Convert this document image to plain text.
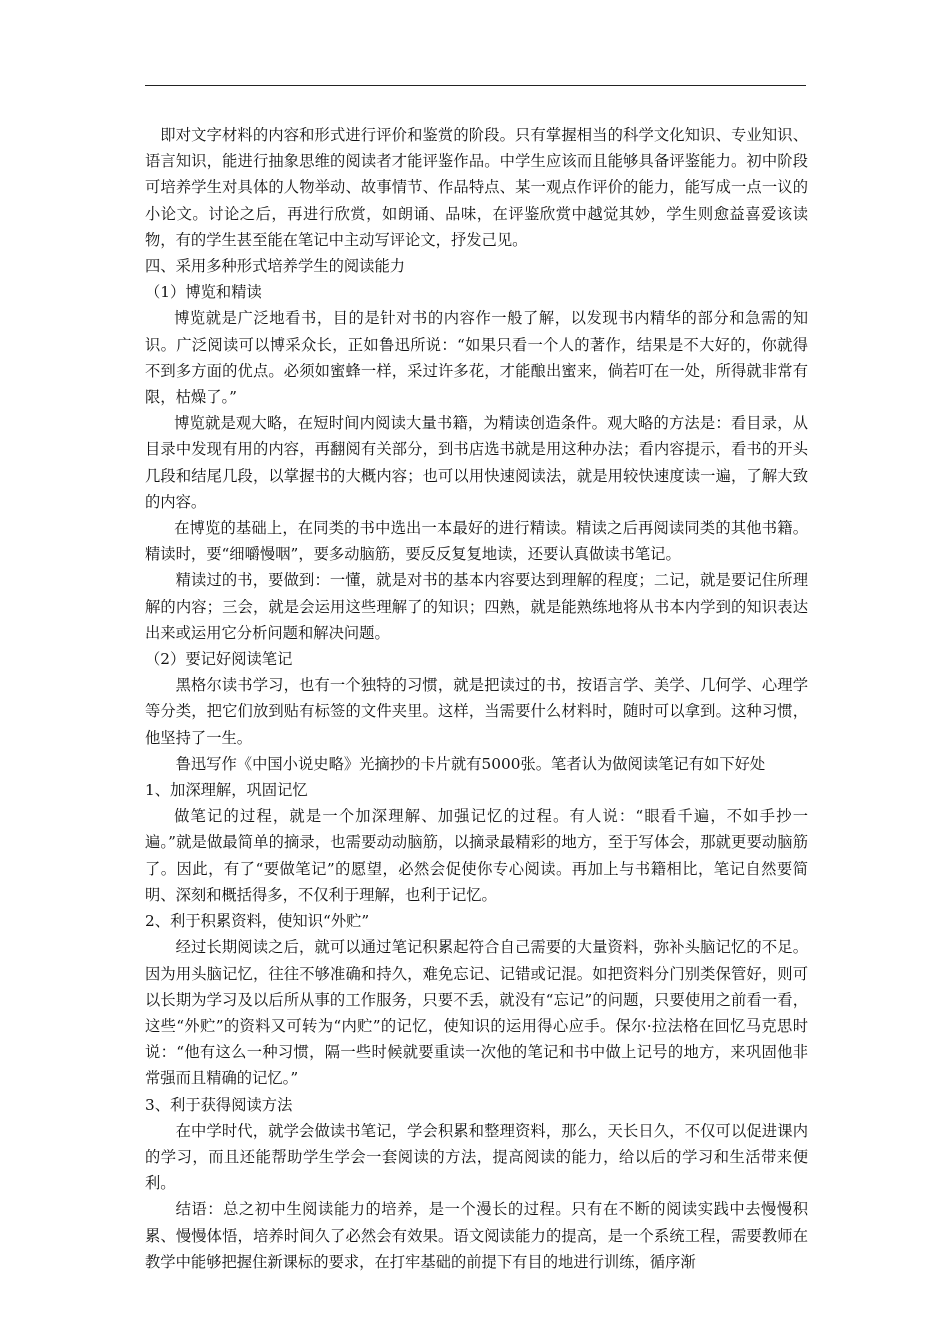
即对文字材料的内容和形式进行评价和鉴赏的阶段。只有掌握相当的科学文化知识、专业知识、语言知识，能进行抽象思维的阅读者才能评鉴作品。中学生应该而且能够具备评鉴能力。初中阶段可培养学生对具体的人物举动、故事情节、作品特点、某一观点作评价的能力，能写成一点一议的小论文。讨论之后，再进行欣赏，如朗诵、品味，在评鉴欣赏中越觉其妙，学生则愈益喜爱该读物，有的学生甚至能在笔记中主动写评论文，抒发己见。

四、采用多种形式培养学生的阅读能力

（1）博览和精读

博览就是广泛地看书，目的是针对书的内容作一般了解，以发现书内精华的部分和急需的知识。广泛阅读可以博采众长，正如鲁迅所说：“如果只看一个人的著作，结果是不大好的，你就得不到多方面的优点。必须如蜜蜂一样，采过许多花，才能酿出蜜来，倘若叮在一处，所得就非常有限，枯燥了。”

博览就是观大略，在短时间内阅读大量书籍，为精读创造条件。观大略的方法是：看目录，从目录中发现有用的内容，再翻阅有关部分，到书店选书就是用这种办法；看内容提示，看书的开头几段和结尾几段，以掌握书的大概内容；也可以用快速阅读法，就是用较快速度读一遍，了解大致的内容。

在博览的基础上，在同类的书中选出一本最好的进行精读。精读之后再阅读同类的其他书籍。精读时，要“细嚼慢咽”，要多动脑筋，要反反复复地读，还要认真做读书笔记。

精读过的书，要做到：一懂，就是对书的基本内容要达到理解的程度；二记，就是要记住所理解的内容；三会，就是会运用这些理解了的知识；四熟，就是能熟练地将从书本内学到的知识表达出来或运用它分析问题和解决问题。

（2）要记好阅读笔记

黑格尔读书学习，也有一个独特的习惯，就是把读过的书，按语言学、美学、几何学、心理学等分类，把它们放到贴有标签的文件夹里。这样，当需要什么材料时，随时可以拿到。这种习惯，他坚持了一生。

鲁迅写作《中国小说史略》光摘抄的卡片就有5000张。笔者认为做阅读笔记有如下好处

1、加深理解，巩固记忆

做笔记的过程，就是一个加深理解、加强记忆的过程。有人说：“眼看千遍，不如手抄一遍。”就是做最简单的摘录，也需要动动脑筋，以摘录最精彩的地方，至于写体会，那就更要动脑筋了。因此，有了“要做笔记”的愿望，必然会促使你专心阅读。再加上与书籍相比，笔记自然要简明、深刻和概括得多，不仅利于理解，也利于记忆。

2、利于积累资料，使知识“外贮”

经过长期阅读之后，就可以通过笔记积累起符合自己需要的大量资料，弥补头脑记忆的不足。因为用头脑记忆，往往不够准确和持久，难免忘记、记错或记混。如把资料分门别类保管好，则可以长期为学习及以后所从事的工作服务，只要不丢，就没有“忘记”的问题，只要使用之前看一看，这些“外贮”的资料又可转为“内贮”的记忆，使知识的运用得心应手。保尔·拉法格在回忆马克思时说：“他有这么一种习惯，隔一些时候就要重读一次他的笔记和书中做上记号的地方，来巩固他非常强而且精确的记忆。”

3、利于获得阅读方法

在中学时代，就学会做读书笔记，学会积累和整理资料，那么，天长日久，不仅可以促进课内的学习，而且还能帮助学生学会一套阅读的方法，提高阅读的能力，给以后的学习和生活带来便利。

结语：总之初中生阅读能力的培养，是一个漫长的过程。只有在不断的阅读实践中去慢慢积累、慢慢体悟，培养时间久了必然会有效果。语文阅读能力的提高，是一个系统工程，需要教师在教学中能够把握住新课标的要求，在打牢基础的前提下有目的地进行训练，循序渐
